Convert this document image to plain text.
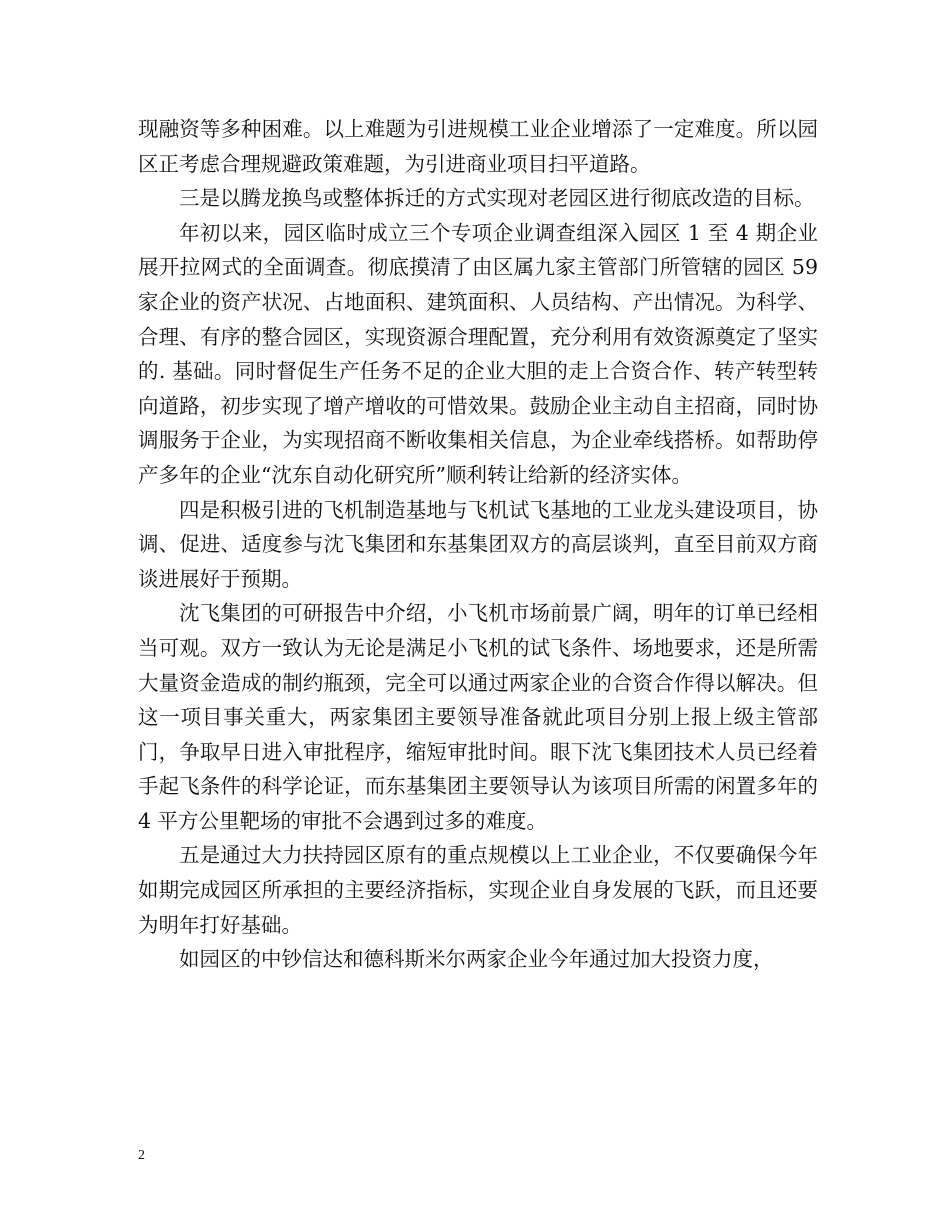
现融资等多种困难。以上难题为引进规模工业企业增添了一定难度。所以园区正考虑合理规避政策难题，为引进商业项目扫平道路。

三是以腾龙换鸟或整体拆迁的方式实现对老园区进行彻底改造的目标。

年初以来，园区临时成立三个专项企业调查组深入园区 1 至 4 期企业展开拉网式的全面调查。彻底摸清了由区属九家主管部门所管辖的园区 59 家企业的资产状况、占地面积、建筑面积、人员结构、产出情况。为科学、合理、有序的整合园区，实现资源合理配置，充分利用有效资源奠定了坚实的. 基础。同时督促生产任务不足的企业大胆的走上合资合作、转产转型转向道路，初步实现了增产增收的可惜效果。鼓励企业主动自主招商，同时协调服务于企业，为实现招商不断收集相关信息，为企业牵线搭桥。如帮助停产多年的企业“沈东自动化研究所”顺利转让给新的经济实体。

四是积极引进的飞机制造基地与飞机试飞基地的工业龙头建设项目，协调、促进、适度参与沈飞集团和东基集团双方的高层谈判，直至目前双方商谈进展好于预期。

沈飞集团的可研报告中介绍，小飞机市场前景广阔，明年的订单已经相当可观。双方一致认为无论是满足小飞机的试飞条件、场地要求，还是所需大量资金造成的制约瓶颈，完全可以通过两家企业的合资合作得以解决。但这一项目事关重大，两家集团主要领导准备就此项目分别上报上级主管部门，争取早日进入审批程序，缩短审批时间。眼下沈飞集团技术人员已经着手起飞条件的科学论证，而东基集团主要领导认为该项目所需的闲置多年的 4 平方公里靶场的审批不会遇到过多的难度。

五是通过大力扶持园区原有的重点规模以上工业企业，不仅要确保今年如期完成园区所承担的主要经济指标，实现企业自身发展的飞跃，而且还要为明年打好基础。

如园区的中钞信达和德科斯米尔两家企业今年通过加大投资力度，

2
